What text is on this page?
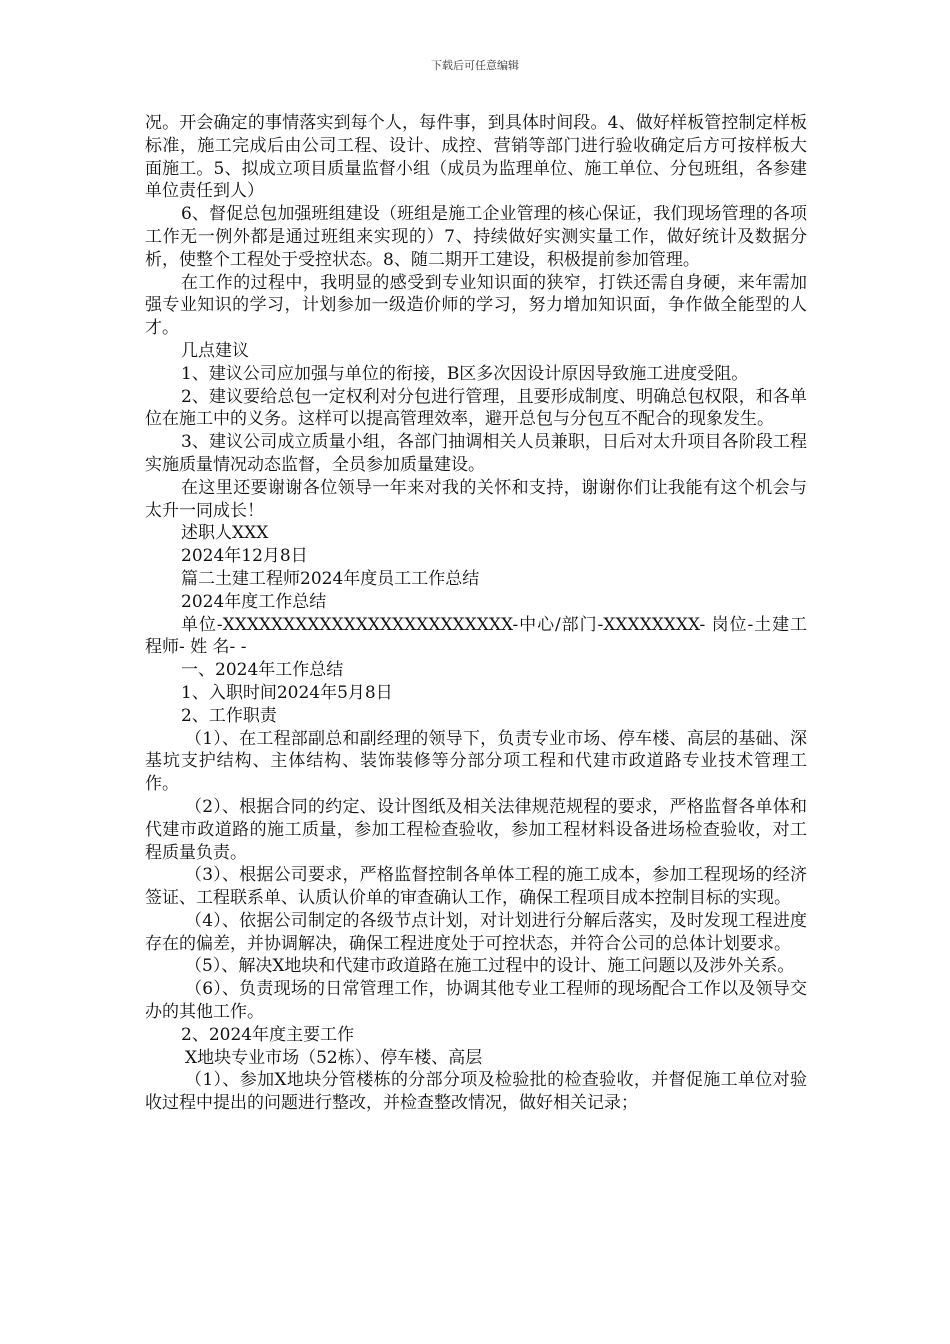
下载后可任意编辑

况。开会确定的事情落实到每个人，每件事，到具体时间段。4、做好样板管控制定样板标准，施工完成后由公司工程、设计、成控、营销等部门进行验收确定后方可按样板大面施工。5、拟成立项目质量监督小组（成员为监理单位、施工单位、分包班组，各参建单位责任到人）

6、督促总包加强班组建设（班组是施工企业管理的核心保证，我们现场管理的各项工作无一例外都是通过班组来实现的）7、持续做好实测实量工作，做好统计及数据分析，使整个工程处于受控状态。8、随二期开工建设，积极提前参加管理。

在工作的过程中，我明显的感受到专业知识面的狭窄，打铁还需自身硬，来年需加强专业知识的学习，计划参加一级造价师的学习，努力增加知识面，争作做全能型的人才。

几点建议

1、建议公司应加强与单位的衔接，B区多次因设计原因导致施工进度受阻。

2、建议要给总包一定权利对分包进行管理，且要形成制度、明确总包权限，和各单位在施工中的义务。这样可以提高管理效率，避开总包与分包互不配合的现象发生。

3、建议公司成立质量小组，各部门抽调相关人员兼职，日后对太升项目各阶段工程实施质量情况动态监督，全员参加质量建设。

在这里还要谢谢各位领导一年来对我的关怀和支持，谢谢你们让我能有这个机会与太升一同成长！

述职人XXX

2024年12月8日

篇二土建工程师2024年度员工工作总结

2024年度工作总结

单位-XXXXXXXXXXXXXXXXXXXXXXXX-中心/部门-XXXXXXXX- 岗位-土建工程师- 姓 名- -

一、2024年工作总结

1、入职时间2024年5月8日

2、工作职责

（1）、在工程部副总和副经理的领导下，负责专业市场、停车楼、高层的基础、深基坑支护结构、主体结构、装饰装修等分部分项工程和代建市政道路专业技术管理工作。

（2）、根据合同的约定、设计图纸及相关法律规范规程的要求，严格监督各单体和代建市政道路的施工质量，参加工程检查验收，参加工程材料设备进场检查验收，对工程质量负责。

（3）、根据公司要求，严格监督控制各单体工程的施工成本，参加工程现场的经济签证、工程联系单、认质认价单的审查确认工作，确保工程项目成本控制目标的实现。

（4）、依据公司制定的各级节点计划，对计划进行分解后落实，及时发现工程进度存在的偏差，并协调解决，确保工程进度处于可控状态，并符合公司的总体计划要求。

（5）、解决X地块和代建市政道路在施工过程中的设计、施工问题以及涉外关系。

（6）、负责现场的日常管理工作，协调其他专业工程师的现场配合工作以及领导交办的其他工作。

2、2024年度主要工作

X地块专业市场（52栋）、停车楼、高层

（1）、参加X地块分管楼栋的分部分项及检验批的检查验收，并督促施工单位对验收过程中提出的问题进行整改，并检查整改情况，做好相关记录；
